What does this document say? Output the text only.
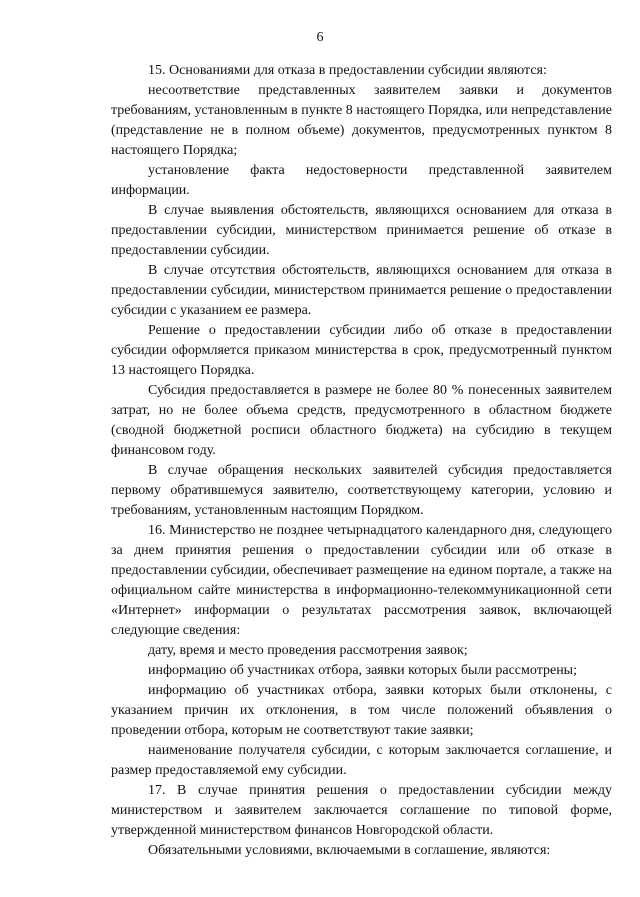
6

15. Основаниями для отказа в предоставлении субсидии являются:

несоответствие представленных заявителем заявки и документов требованиям, установленным в пункте 8 настоящего Порядка, или непредставление (представление не в полном объеме) документов, предусмотренных пунктом 8 настоящего Порядка;

установление факта недостоверности представленной заявителем информации.

В случае выявления обстоятельств, являющихся основанием для отказа в предоставлении субсидии, министерством принимается решение об отказе в предоставлении субсидии.

В случае отсутствия обстоятельств, являющихся основанием для отказа в предоставлении субсидии, министерством принимается решение о предоставлении субсидии с указанием ее размера.

Решение о предоставлении субсидии либо об отказе в предоставлении субсидии оформляется приказом министерства в срок, предусмотренный пунктом 13 настоящего Порядка.

Субсидия предоставляется в размере не более 80 % понесенных заявителем затрат, но не более объема средств, предусмотренного в областном бюджете (сводной бюджетной росписи областного бюджета) на субсидию в текущем финансовом году.

В случае обращения нескольких заявителей субсидия предоставляется первому обратившемуся заявителю, соответствующему категории, условию и требованиям, установленным настоящим Порядком.

16. Министерство не позднее четырнадцатого календарного дня, следующего за днем принятия решения о предоставлении субсидии или об отказе в предоставлении субсидии, обеспечивает размещение на едином портале, а также на официальном сайте министерства в информационно-телекоммуникационной сети «Интернет» информации о результатах рассмотрения заявок, включающей следующие сведения:

дату, время и место проведения рассмотрения заявок;

информацию об участниках отбора, заявки которых были рассмотрены;

информацию об участниках отбора, заявки которых были отклонены, с указанием причин их отклонения, в том числе положений объявления о проведении отбора, которым не соответствуют такие заявки;

наименование получателя субсидии, с которым заключается соглашение, и размер предоставляемой ему субсидии.

17. В случае принятия решения о предоставлении субсидии между министерством и заявителем заключается соглашение по типовой форме, утвержденной министерством финансов Новгородской области.

Обязательными условиями, включаемыми в соглашение, являются:
